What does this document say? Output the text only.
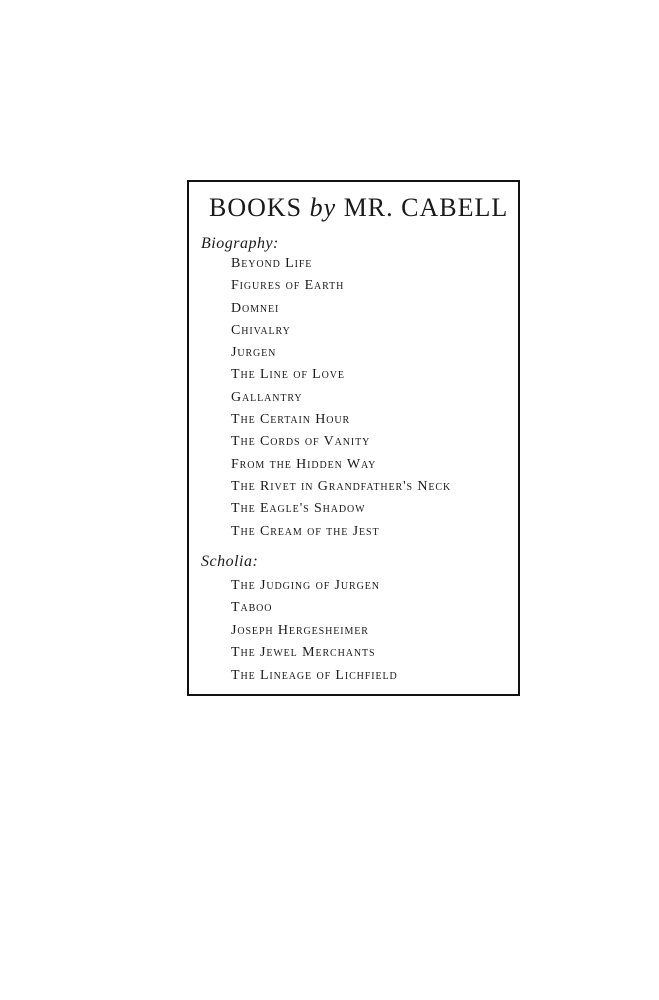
BOOKS by MR. CABELL
Biography:
Beyond Life
Figures of Earth
Domnei
Chivalry
Jurgen
The Line of Love
Gallantry
The Certain Hour
The Cords of Vanity
From the Hidden Way
The Rivet in Grandfather's Neck
The Eagle's Shadow
The Cream of the Jest
Scholia:
The Judging of Jurgen
Taboo
Joseph Hergesheimer
The Jewel Merchants
The Lineage of Lichfield
